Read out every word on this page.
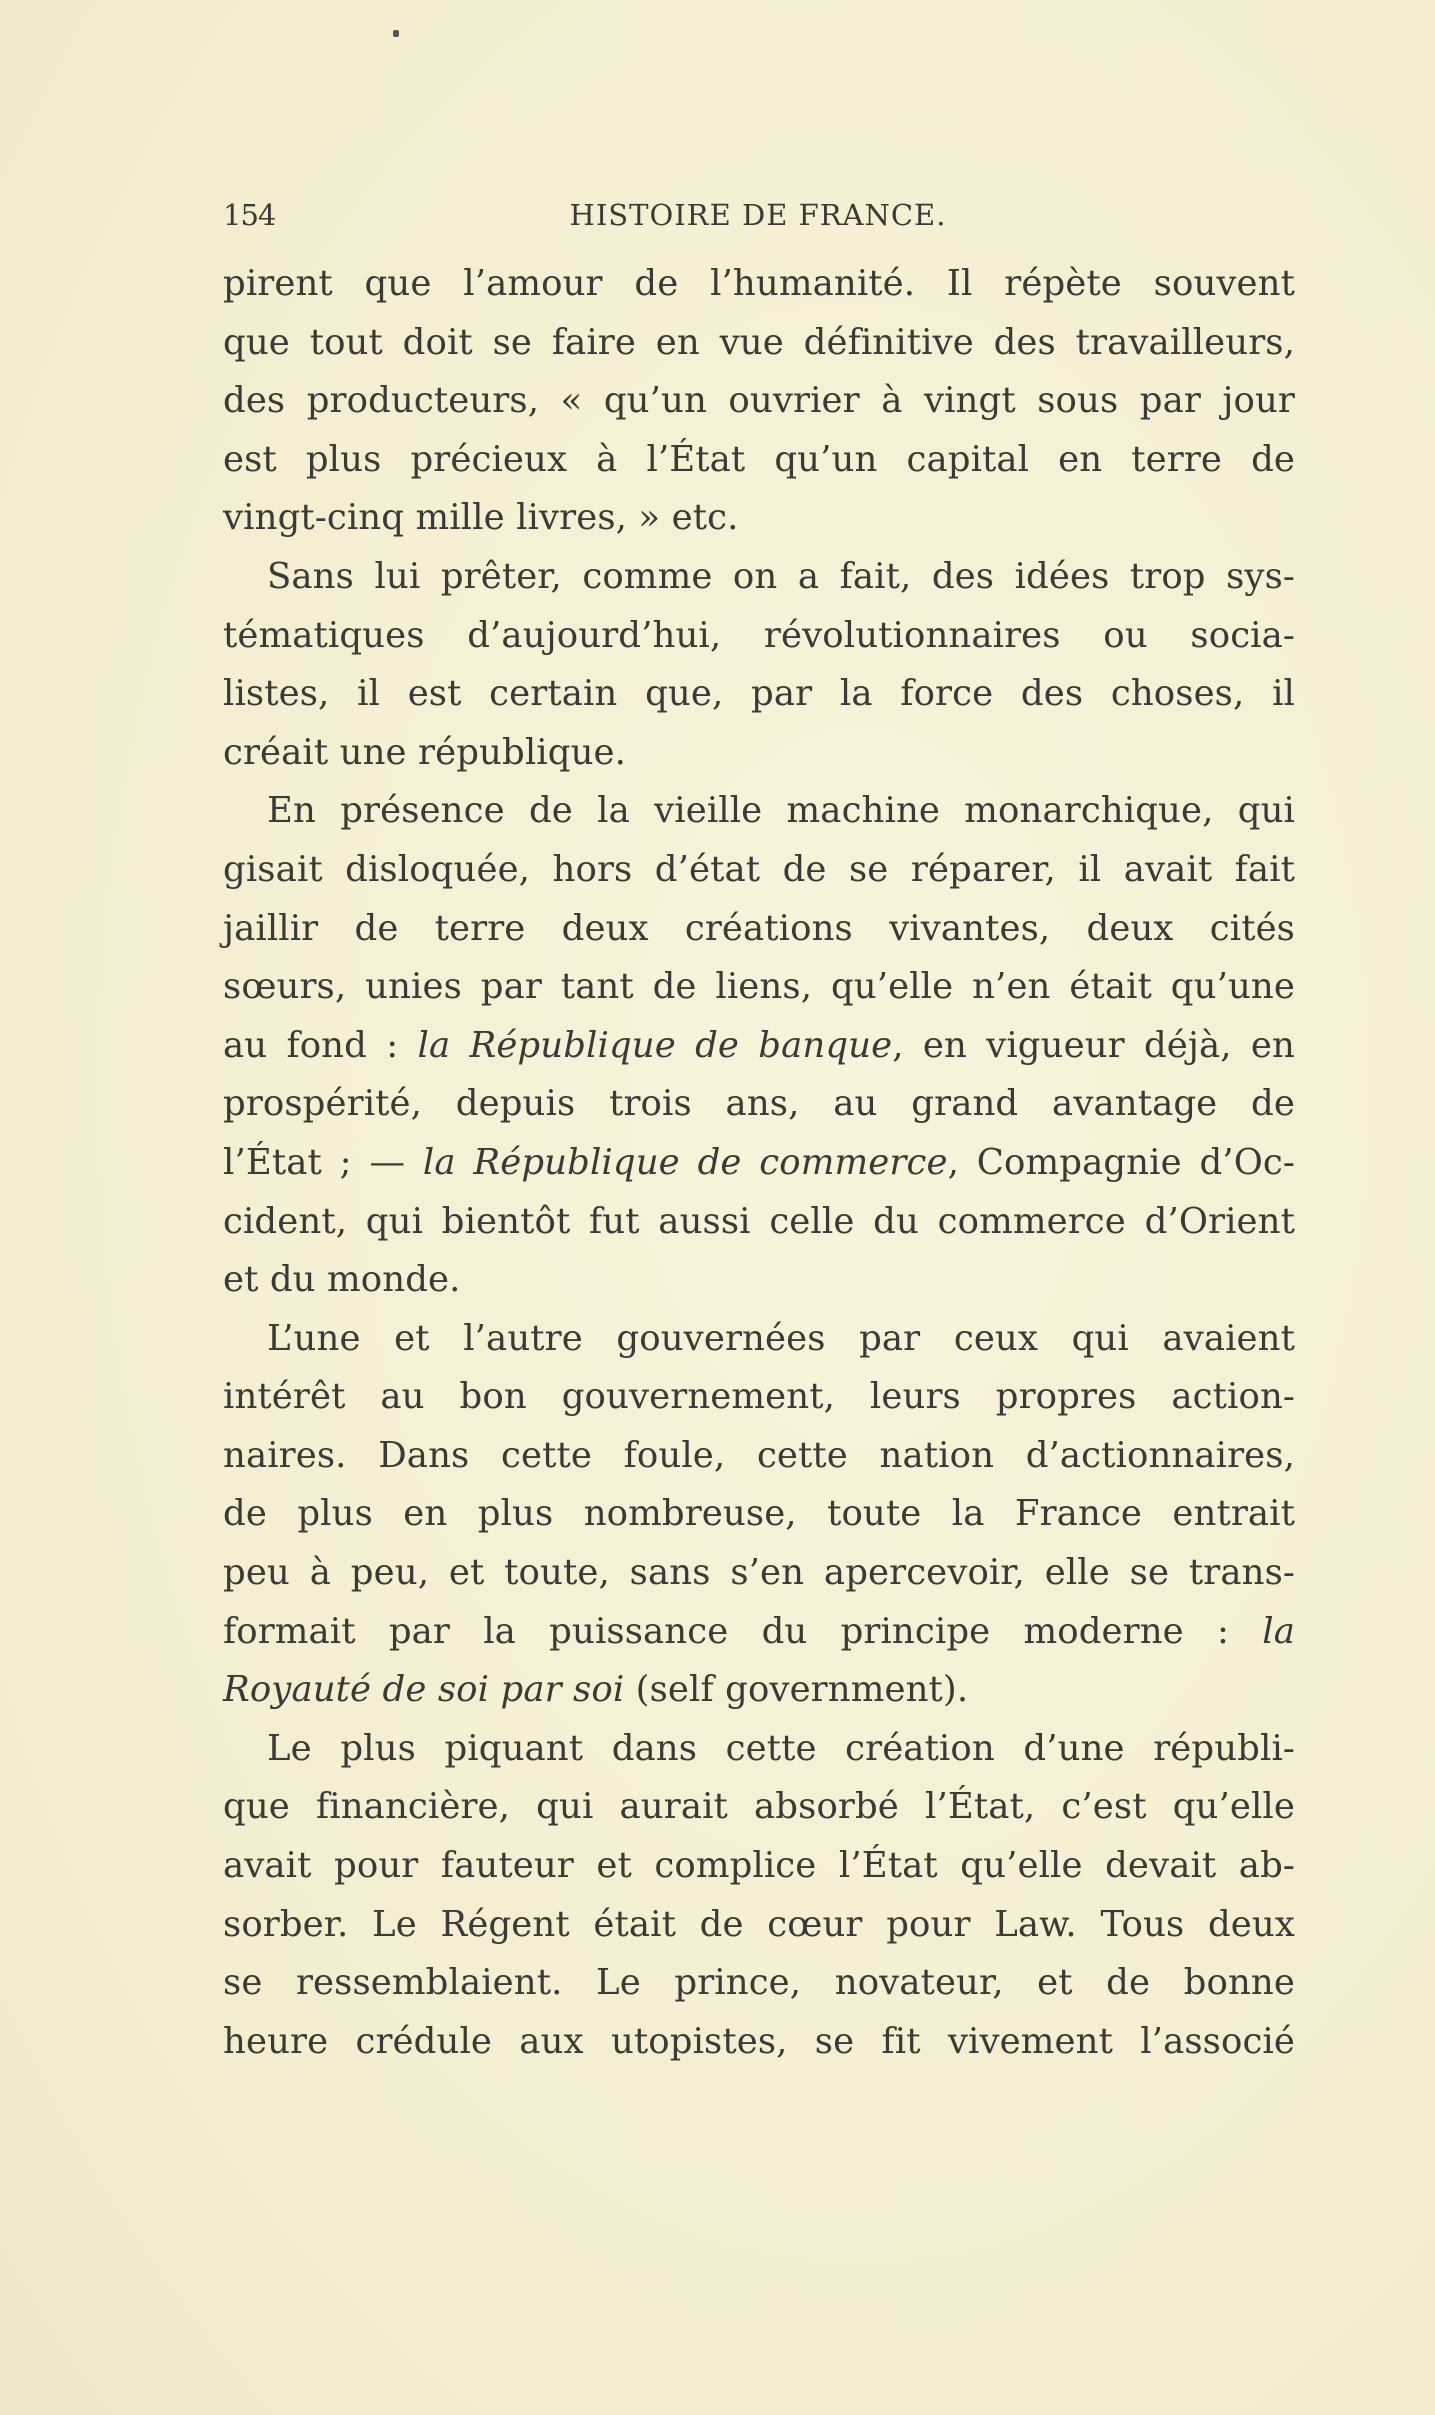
154	HISTOIRE DE FRANCE.
pirent que l’amour de l’humanité. Il répète souvent
que tout doit se faire en vue définitive des travailleurs,
des producteurs, « qu’un ouvrier à vingt sous par jour
est plus précieux à l’État qu’un capital en terre de
vingt-cinq mille livres, » etc.
Sans lui prêter, comme on a fait, des idées trop sys-
tématiques d’aujourd’hui, révolutionnaires ou socia-
listes, il est certain que, par la force des choses, il
créait une république.
En présence de la vieille machine monarchique, qui
gisait disloquée, hors d’état de se réparer, il avait fait
jaillir de terre deux créations vivantes, deux cités
sœurs, unies par tant de liens, qu’elle n’en était qu’une
au fond : la République de banque, en vigueur déjà, en
prospérité, depuis trois ans, au grand avantage de
l’État ; — la République de commerce, Compagnie d’Oc-
cident, qui bientôt fut aussi celle du commerce d’Orient
et du monde.
L’une et l’autre gouvernées par ceux qui avaient
intérêt au bon gouvernement, leurs propres action-
naires. Dans cette foule, cette nation d’actionnaires,
de plus en plus nombreuse, toute la France entrait
peu à peu, et toute, sans s’en apercevoir, elle se trans-
formait par la puissance du principe moderne : la
Royauté de soi par soi (self government).
Le plus piquant dans cette création d’une républi-
que financière, qui aurait absorbé l’État, c’est qu’elle
avait pour fauteur et complice l’État qu’elle devait ab-
sorber. Le Régent était de cœur pour Law. Tous deux
se ressemblaient. Le prince, novateur, et de bonne
heure crédule aux utopistes, se fit vivement l’associé
